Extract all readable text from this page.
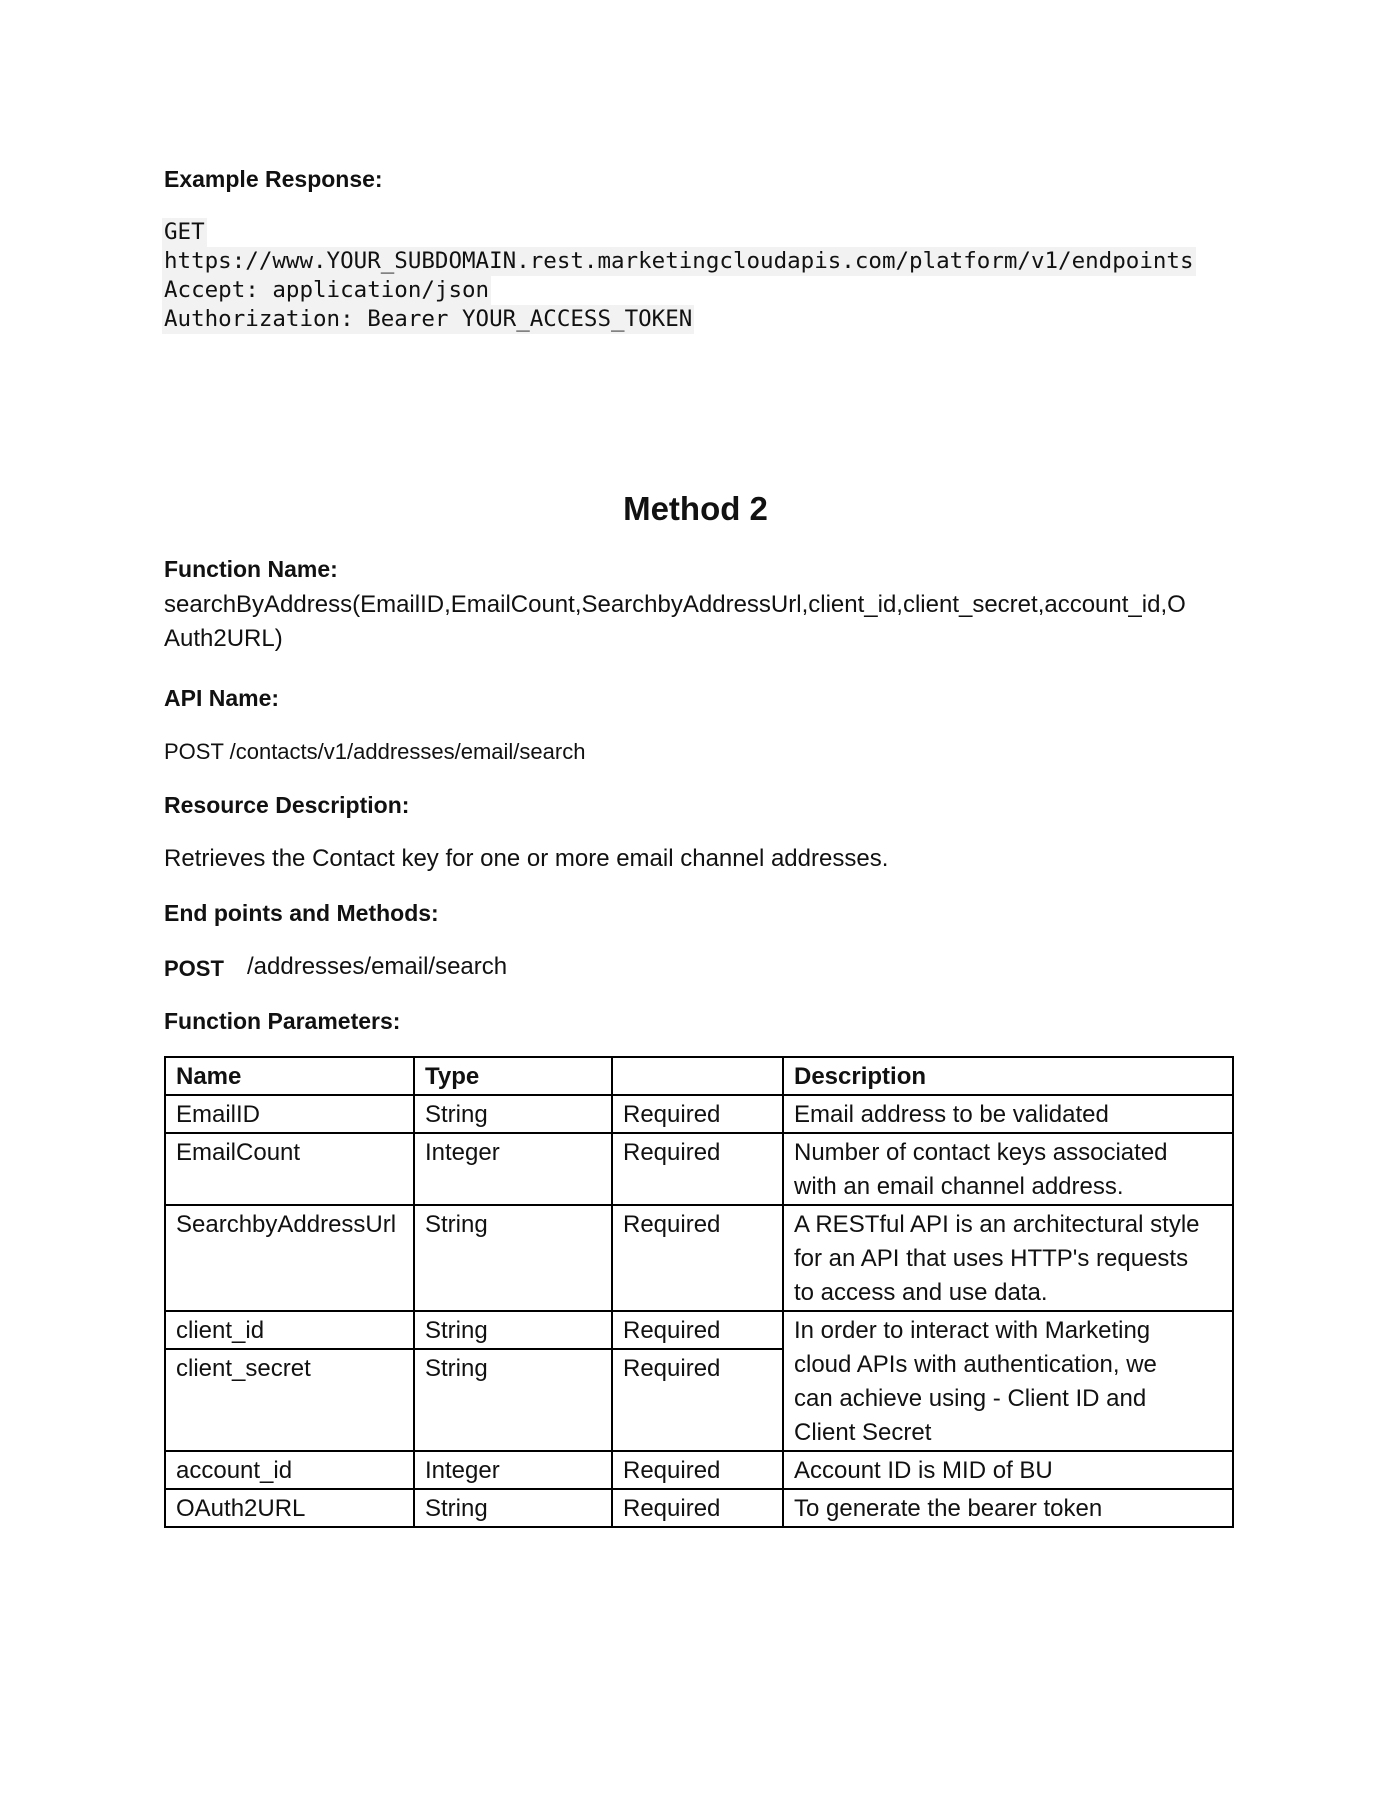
Example Response:
GET
https://www.YOUR_SUBDOMAIN.rest.marketingcloudapis.com/platform/v1/endpoints
Accept: application/json
Authorization: Bearer YOUR_ACCESS_TOKEN
Method 2
Function Name:
searchByAddress(EmailID,EmailCount,SearchbyAddressUrl,client_id,client_secret,account_id,O
Auth2URL)
API Name:
POST /contacts/v1/addresses/email/search
Resource Description:
Retrieves the Contact key for one or more email channel addresses.
End points and Methods:
POST /addresses/email/search
Function Parameters:
Name	Type		Description
EmailID	String	Required	Email address to be validated

EmailCount	Integer	Required	Number of contact keys associated
with an email channel address.

SearchbyAddressUrl	String	Required	A RESTful API is an architectural style
for an API that uses HTTP's requests
to access and use data.

client_id	String	Required	In order to interact with Marketing
cloud APIs with authentication, we
can achieve using - Client ID and
Client Secret

client_secret	String	Required	
account_id	Integer	Required	Account ID is MID of BU

OAuth2URL	String	Required	To generate the bearer token
